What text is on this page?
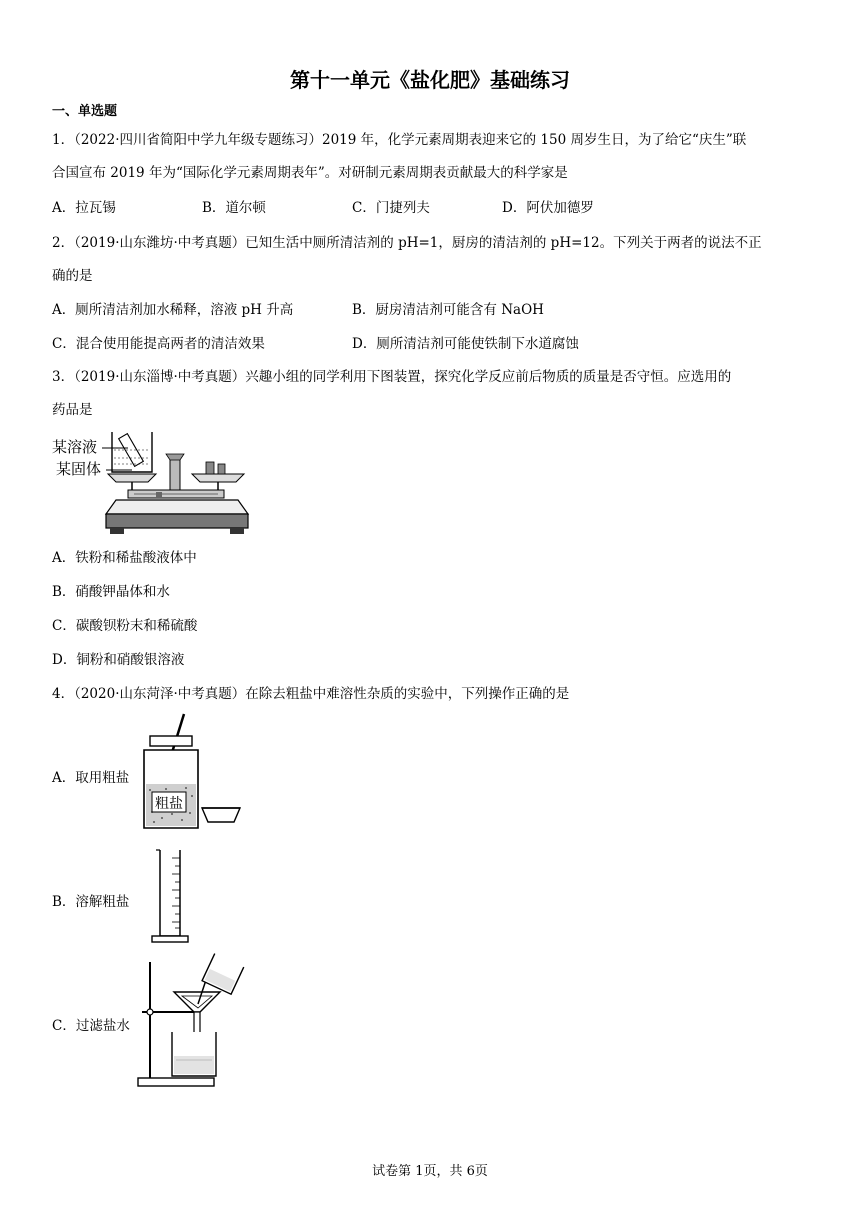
第十一单元《盐化肥》基础练习
一、单选题
1．（2022·四川省简阳中学九年级专题练习）2019 年，化学元素周期表迎来它的 150 周岁生日，为了给它“庆生”联
合国宣布 2019 年为“国际化学元素周期表年”。对研制元素周期表贡献最大的科学家是
A．拉瓦锡	B．道尔顿	C．门捷列夫	D．阿伏加德罗
2．（2019·山东潍坊·中考真题）已知生活中厕所清洁剂的 pH=1，厨房的清洁剂的 pH=12。下列关于两者的说法不正
确的是
A．厕所清洁剂加水稀释，溶液 pH 升高	B．厨房清洁剂可能含有 NaOH
C．混合使用能提高两者的清洁效果	D．厕所清洁剂可能使铁制下水道腐蚀
3．（2019·山东淄博·中考真题）兴趣小组的同学利用下图装置，探究化学反应前后物质的质量是否守恒。应选用的
药品是
某溶液
某固体
A．铁粉和稀盐酸液体中
B．硝酸钾晶体和水
C．碳酸钡粉末和稀硫酸
D．铜粉和硝酸银溶液
4．（2020·山东菏泽·中考真题）在除去粗盐中难溶性杂质的实验中，下列操作正确的是
A．取用粗盐
粗盐
B．溶解粗盐
C．过滤盐水
试卷第 1页，共 6页
